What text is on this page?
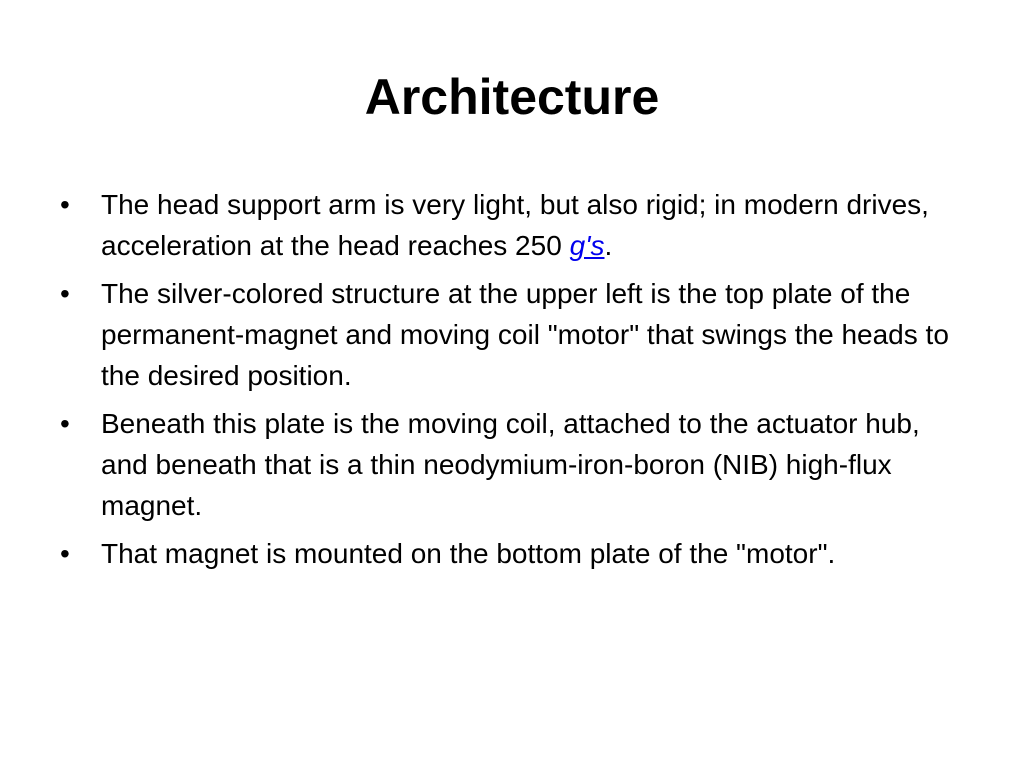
Architecture
•	The head support arm is very light, but also rigid; in modern drives, acceleration at the head reaches 250 g's.
•	The silver-colored structure at the upper left is the top plate of the permanent-magnet and moving coil "motor" that swings the heads to the desired position.
•	Beneath this plate is the moving coil, attached to the actuator hub, and beneath that is a thin neodymium-iron-boron (NIB) high-flux magnet.
•	That magnet is mounted on the bottom plate of the "motor".
